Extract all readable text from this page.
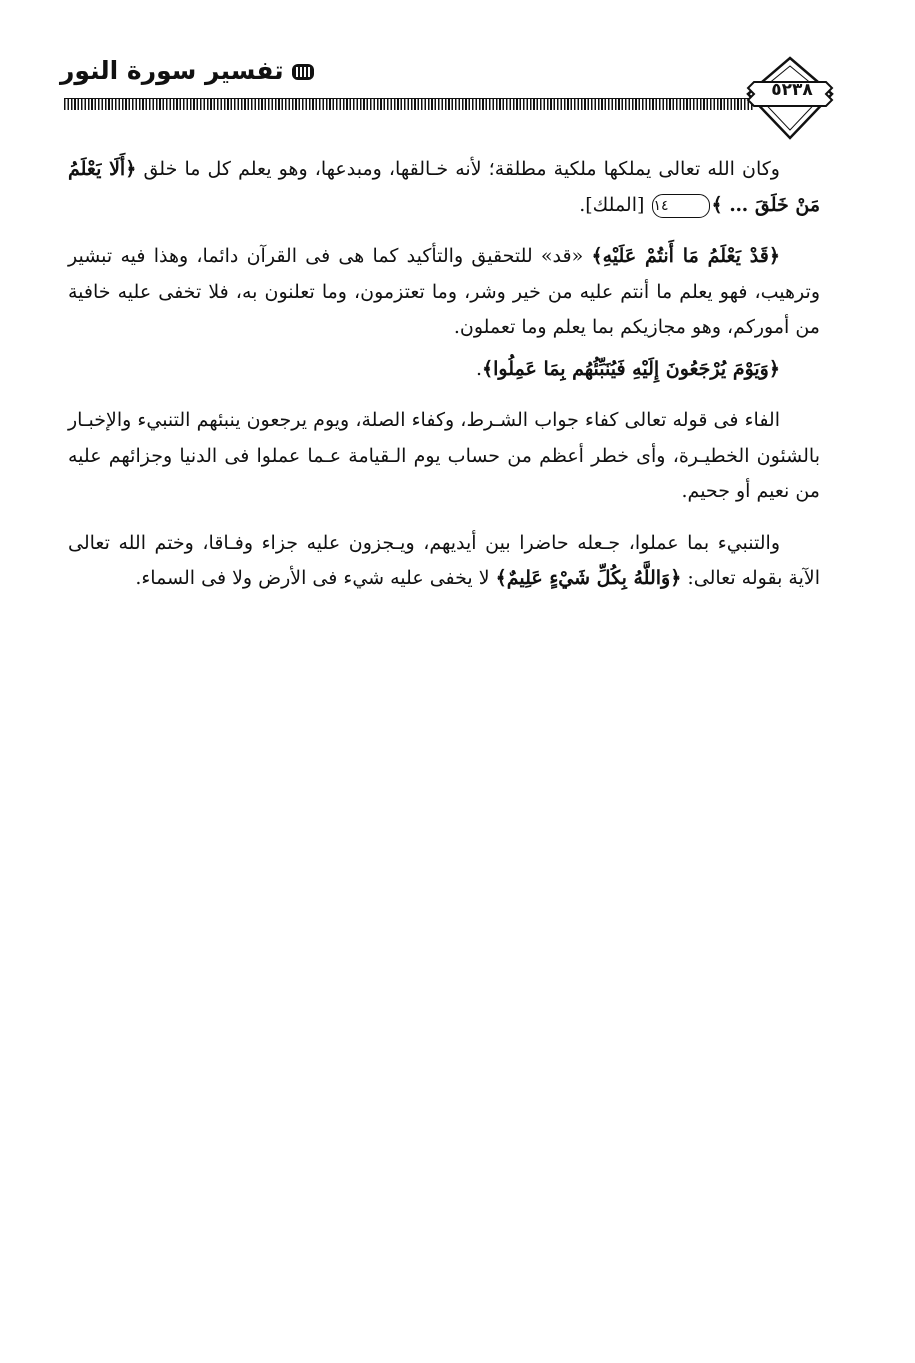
تفسير سورة النور
٥٢٣٨

وكان الله تعالى يملكها ملكية مطلقة؛ لأنه خـالقها، ومبدعها، وهو يعلم كل ما خلق ﴿أَلَا يَعْلَمُ مَنْ خَلَقَ … ﴾١٤ [الملك].

﴿قَدْ يَعْلَمُ مَا أَنتُمْ عَلَيْهِ﴾ «قد» للتحقيق والتأكيد كما هى فى القرآن دائما، وهذا فيه تبشير وترهيب، فهو يعلم ما أنتم عليه من خير وشر، وما تعتزمون، وما تعلنون به، فلا تخفى عليه خافية من أموركم، وهو مجازيكم بما يعلم وما تعملون.

﴿وَيَوْمَ يُرْجَعُونَ إِلَيْهِ فَيُنَبِّئُهُم بِمَا عَمِلُوا﴾.

الفاء فى قوله تعالى كفاء جواب الشـرط، وكفاء الصلة، ويوم يرجعون ينبئهم التنبيء والإخبـار بالشئون الخطيـرة، وأى خطر أعظم من حساب يوم الـقيامة عـما عملوا فى الدنيا وجزائهم عليه من نعيم أو جحيم.

والتنبيء بما عملوا، جـعله حاضرا بين أيديهم، ويـجزون عليه جزاء وفـاقا، وختم الله تعالى الآية بقوله تعالى: ﴿وَاللَّهُ بِكُلِّ شَيْءٍ عَلِيمٌ﴾ لا يخفى عليه شيء فى الأرض ولا فى السماء.
